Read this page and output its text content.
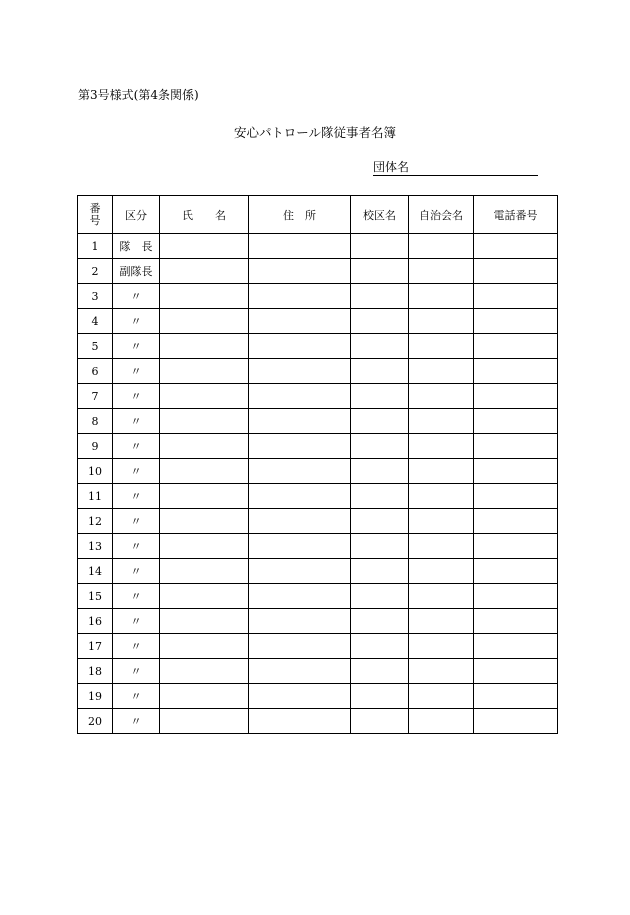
第3号様式(第4条関係)
安心パトロール隊従事者名簿
団体名
番
号	区分	氏　　名	住　所	校区名	自治会名	電話番号
1	隊　長					
2	副隊長					
3	〃					
4	〃					
5	〃					
6	〃					
7	〃					
8	〃					
9	〃					
10	〃					
11	〃					
12	〃					
13	〃					
14	〃					
15	〃					
16	〃					
17	〃					
18	〃					
19	〃					
20	〃					
